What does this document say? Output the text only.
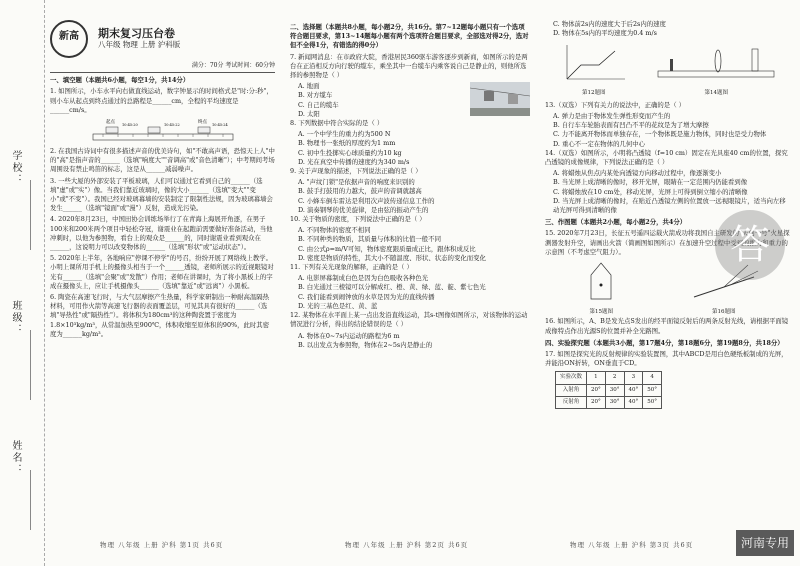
学校：
班级：
姓名：
新高 期末复习压台卷
八年级 物理 上册 沪科版
满分：70分 考试时间：60分钟
一、填空题（本题共6小题，每空1分，共14分）
1. 如图所示，小车水平向右做直线运动，数字钟显示的时间格式是"时:分:秒"，则小车从起点到终点通过的总路程是______cm，全程的平均速度是______cm/s。
起点	终点
10:45:20	10:45:22	10:45:24
2. 在我国古诗词中有很多描述声音的优美诗句，如"不敢高声语，恐惊天上人"中的"高"是指声音的______（选填"响度大""音调高"或"音色清晰"）；中考期间考场周围设有禁止鸣笛的标志，这是从______减弱噪声。
3. 一些大厦的外部安装了平板玻璃，人们可以通过它看到自己的______（选填"虚"或"实"）像。当我们靠近玻璃时，像的大小______（选填"变大""变小"或"不变"）。我国已经对玻璃幕墙的安装制定了限制性法规，因为玻璃幕墙会发生______（选填"镜面"或"漫"）反射，造成光污染。
4. 2020年8月23日，中国田协会训练场举行了在青海上海展开角逐，在男子100米和200米两个项目中轻松夺冠，谢震业在起跑前需要做好准备活动，当他冲刺时，以他为参照物，看台上的观众是______的，同时谢震业看到观众在______，这说明力可以改变物体的______（选填"形状"或"运动状态"）。
5. 2020年上半年，各地响应"停课不停学"的号召，纷纷开展了网络线上教学。小明上课所用手机上的摄像头相当于一个______透镜，老师所展示的近视眼镜对光有______（选填"会聚"或"发散"）作用；老师在讲课时，为了将小黑板上的字成在摄像头上，应让手机摄像头______（选填"靠近"或"远离"）小黑板。
6. 陶瓷在高速飞行时，与大气层摩擦产生热量，科学家研制出一种耐高温隔热材料，可用作火箭等高速飞行器的表面覆盖层，可见其具有很好的______（选填"导热性"或"隔热性"）。将体积为180cm³的这种陶瓷置于密度为1.8×10³kg/m³，从常温加热至900℃，体积收缩至原体积的90%，此时其密度为______kg/m³。
二、选择题（本题共8小题，每小题2分，共16分。第7~12题每小题只有一个选项符合题目要求，第13~14题每小题有两个选项符合题目要求，全部选对得2分，选对但不全得1分，有错选的得0分）
7. 新闻网消息：在市政府大院，香港居民360驱车游客逐步到新商，如图所示的是两台在正沿相反方向行驶的缆车，乘坐其中一台缆车内乘客说自己是静止的，则他所选择的参照物是（ ）
A. 地面
B. 对方缆车
C. 自己的缆车
D. 太阳
8. 下列数据中符合实际的是（ ）
A. 一个中学生的重力约为500 N
B. 物理书一张纸的厚度约为1 mm
C. 初中生投掷实心球质量约为10 kg
D. 光在真空中传播的速度约为340 m/s
9. 关于声现象的描述，下列说法正确的是（ ）
A. "声纹门锁"是依据声音的响度来识别的
B. 鼓手打鼓用的力越大，鼓声的音调就越高
C. 小蜂车倒车雷达是利用次声波传递信息工作的
D. 演奏钢琴的优美旋律，是由弦的振动产生的
10. 关于物质的密度，下列说法中正确的是（ ）
A. 不同物体的密度不相同
B. 不同种类的物质，其质量与体积的比值一般不同
C. 由公式ρ=m/V可知，物体密度跟质量成正比，跟体积成反比
D. 密度是物质的特性，其大小不随温度、形状、状态的变化而变化
11. 下列有关光现象的解释，正确的是（ ）
A. 电影屏幕制成白色是因为白色吸收各种色光
B. 白光通过三棱镜可以分解成红、橙、黄、绿、蓝、靛、紫七色光
C. 我们能看到闹钟放的水草是因为光的直线传播
D. 光的三基色是红、黄、蓝
12. 某物体在水平面上某一点出发沿直线运动，其s-t图像如图所示，对该物体的运动情况进行分析，得出的结论错误的是（ ）
A. 物体在0~7s内运动的路程为6 m
B. 以出发点为参照物，物体在2~5s内是静止的
C. 物体前2s内的速度大于后2s内的速度
D. 物体在5s内的平均速度为0.4 m/s
第12题图	第14题图
13.（双选）下列有关力的说法中，正确的是（ ）
A. 弹力是由于物体发生弹性形变而产生的
B. 自行车车轮胎表面有凹凸不平的花纹是为了增大摩擦
C. 力不能离开物体而单独存在，一个物体既是施力物体，同时也是受力物体
D. 重心不一定在物体的几何中心
14.（双选）如图所示，小明将凸透镜（f=10 cm）固定在光具座40 cm的位置，探究凸透镜的成像规律，下列说法正确的是（ ）
A. 将蜡烛从焦点内某处向透镜方向移动过程中，像逐渐变小
B. 当光屏上成清晰的像时，移开光屏，眼睛在一定范围内仍能看到像
C. 将蜡烛放在10 cm处，移动光屏，光屏上可得到倒立缩小的清晰像
D. 当光屏上成清晰的像时，在贴近凸透镜左侧的位置放一远视眼镜片，适当向左移动光屏可得到清晰的像
三、作图题（本题共2小题，每小题2分，共4分）
15. 2020年7月23日，长征五号遥四运载火箭成功将我国自主研发的"天问一号"火星探测器发射升空，请画出火箭（简画图如图所示）在加速升空过程中受到的推力和重力的示意图（不考虑空气阻力）。
第15题图	第16题图
16. 如图所示，A、B是发光点S发出的经平面镜反射后的两条反射光线，请根据平面镜成像特点作出光源S的位置并补全光路图。
四、实验探究题（本题共3小题，第17题4分，第18题6分，第19题8分，共18分）
17. 如图是探究光的反射规律的实验装置图，其中ABCD是用白色硬纸板制成的光屏，并能沿ON折转，ON垂直于CD。
实验次数	1	2	3	4
入射角	20°	30°	40°	50°
反射角	20°	30°	40°	50°
答
物理 八年级 上册 沪科 第1页 共6页	物理 八年级 上册 沪科 第2页 共6页	物理 八年级 上册 沪科 第3页 共6页	河南专用
